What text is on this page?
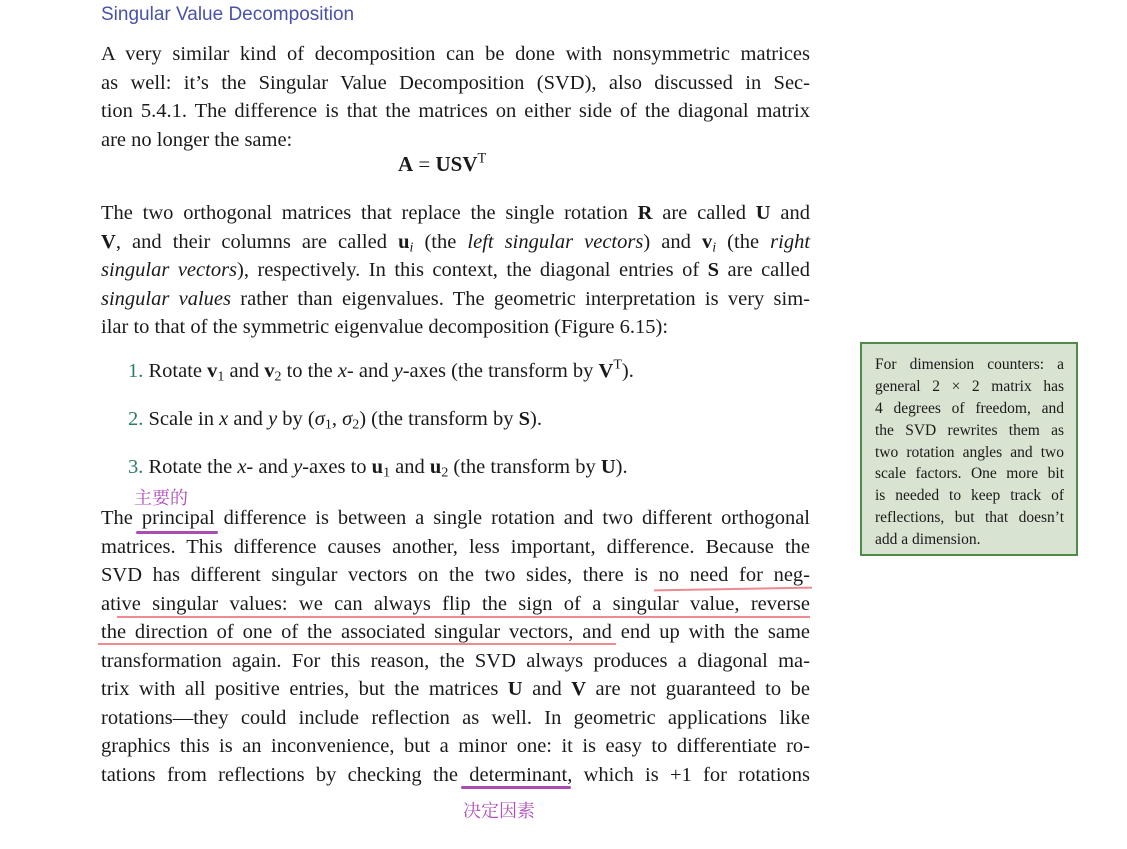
Singular Value Decomposition
A very similar kind of decomposition can be done with nonsymmetric matrices
as well: it’s the Singular Value Decomposition (SVD), also discussed in Sec-
tion 5.4.1. The difference is that the matrices on either side of the diagonal matrix
are no longer the same:
$A = USV^T$
The two orthogonal matrices that replace the single rotation R are called U and
V, and their columns are called $u_i$ (the left singular vectors) and $v_i$ (the right
singular vectors), respectively. In this context, the diagonal entries of S are called
singular values rather than eigenvalues. The geometric interpretation is very sim-
ilar to that of the symmetric eigenvalue decomposition (Figure 6.15):
1. Rotate $v_1$ and $v_2$ to the x- and y-axes (the transform by $V^T$).
2. Scale in x and y by ($\sigma_1$, $\sigma_2$) (the transform by S).
3. Rotate the x- and y-axes to $u_1$ and $u_2$ (the transform by U).
主要的
The principal difference is between a single rotation and two different orthogonal
matrices. This difference causes another, less important, difference. Because the
SVD has different singular vectors on the two sides, there is no need for neg-
ative singular values: we can always flip the sign of a singular value, reverse
the direction of one of the associated singular vectors, and end up with the same
transformation again. For this reason, the SVD always produces a diagonal ma-
trix with all positive entries, but the matrices U and V are not guaranteed to be
rotations—they could include reflection as well. In geometric applications like
graphics this is an inconvenience, but a minor one: it is easy to differentiate ro-
tations from reflections by checking the determinant, which is +1 for rotations
决定因素
For dimension counters: a
general 2 × 2 matrix has
4 degrees of freedom, and
the SVD rewrites them as
two rotation angles and two
scale factors. One more bit
is needed to keep track of
reflections, but that doesn’t
add a dimension.
